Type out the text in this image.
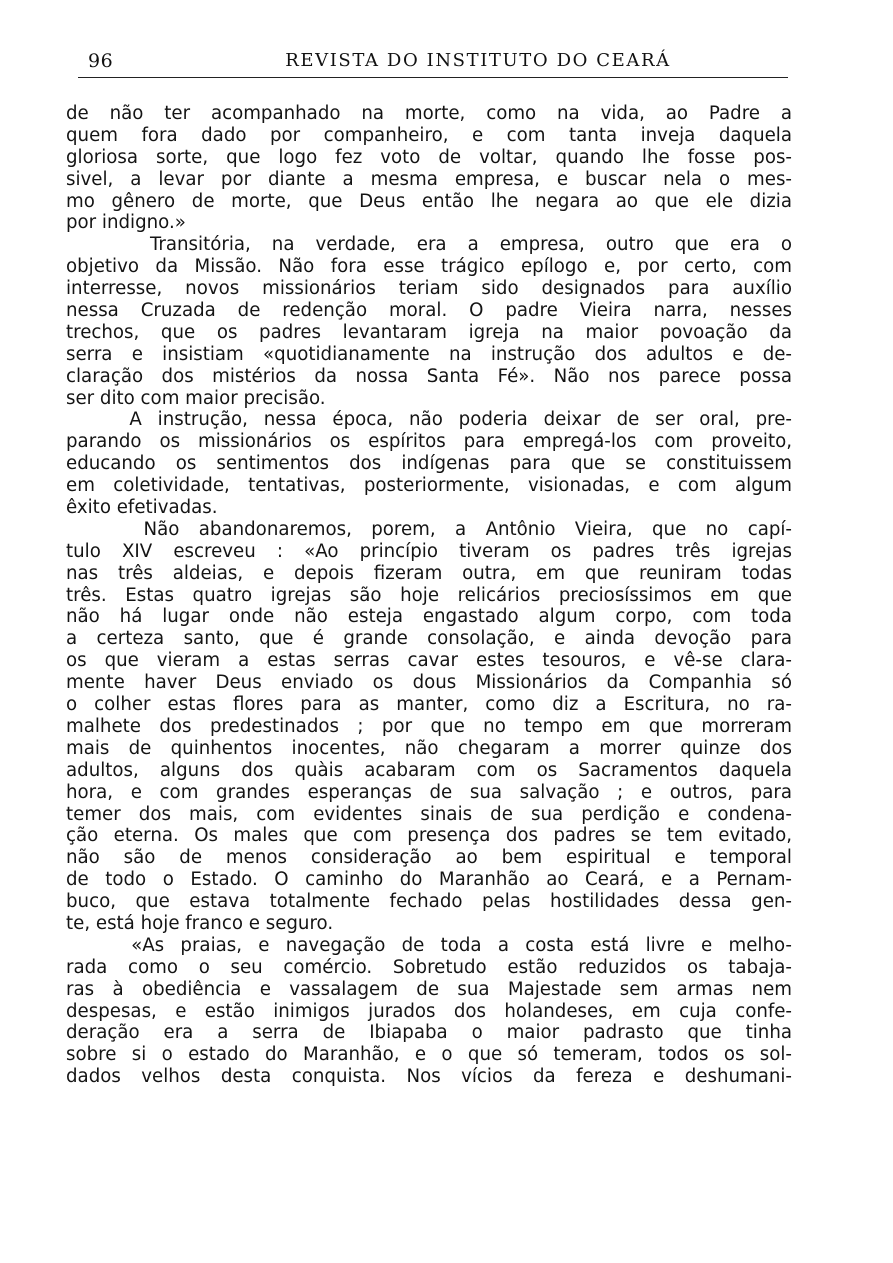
96	REVISTA DO INSTITUTO DO CEARÁ
de não ter acompanhado na morte, como na vida, ao Padre a
quem fora dado por companheiro, e com tanta inveja daquela
gloriosa sorte, que logo fez voto de voltar, quando lhe fosse pos-
sivel, a levar por diante a mesma empresa, e buscar nela o mes-
mo gênero de morte, que Deus então lhe negara ao que ele dizia
por indigno.»
Transitória, na verdade, era a empresa, outro que era o
objetivo da Missão. Não fora esse trágico epílogo e, por certo, com
interresse, novos missionários teriam sido designados para auxílio
nessa Cruzada de redenção moral. O padre Vieira narra, nesses
trechos, que os padres levantaram igreja na maior povoação da
serra e insistiam «quotidianamente na instrução dos adultos e de-
claração dos mistérios da nossa Santa Fé». Não nos parece possa
ser dito com maior precisão.
A instrução, nessa época, não poderia deixar de ser oral, pre-
parando os missionários os espíritos para empregá-los com proveito,
educando os sentimentos dos indígenas para que se constituissem
em coletividade, tentativas, posteriormente, visionadas, e com algum
êxito efetivadas.
Não abandonaremos, porem, a Antônio Vieira, que no capí-
tulo XIV escreveu : «Ao princípio tiveram os padres três igrejas
nas três aldeias, e depois fizeram outra, em que reuniram todas
três. Estas quatro igrejas são hoje relicários preciosíssimos em que
não há lugar onde não esteja engastado algum corpo, com toda
a certeza santo, que é grande consolação, e ainda devoção para
os que vieram a estas serras cavar estes tesouros, e vê-se clara-
mente haver Deus enviado os dous Missionários da Companhia só
o colher estas flores para as manter, como diz a Escritura, no ra-
malhete dos predestinados ; por que no tempo em que morreram
mais de quinhentos inocentes, não chegaram a morrer quinze dos
adultos, alguns dos quàis acabaram com os Sacramentos daquela
hora, e com grandes esperanças de sua salvação ; e outros, para
temer dos mais, com evidentes sinais de sua perdição e condena-
ção eterna. Os males que com presença dos padres se tem evitado,
não são de menos consideração ao bem espiritual e temporal
de todo o Estado. O caminho do Maranhão ao Ceará, e a Pernam-
buco, que estava totalmente fechado pelas hostilidades dessa gen-
te, está hoje franco e seguro.
«As praias, e navegação de toda a costa está livre e melho-
rada como o seu comércio. Sobretudo estão reduzidos os tabaja-
ras à obediência e vassalagem de sua Majestade sem armas nem
despesas, e estão inimigos jurados dos holandeses, em cuja confe-
deração era a serra de Ibiapaba o maior padrasto que tinha
sobre si o estado do Maranhão, e o que só temeram, todos os sol-
dados velhos desta conquista. Nos vícios da fereza e deshumani-
